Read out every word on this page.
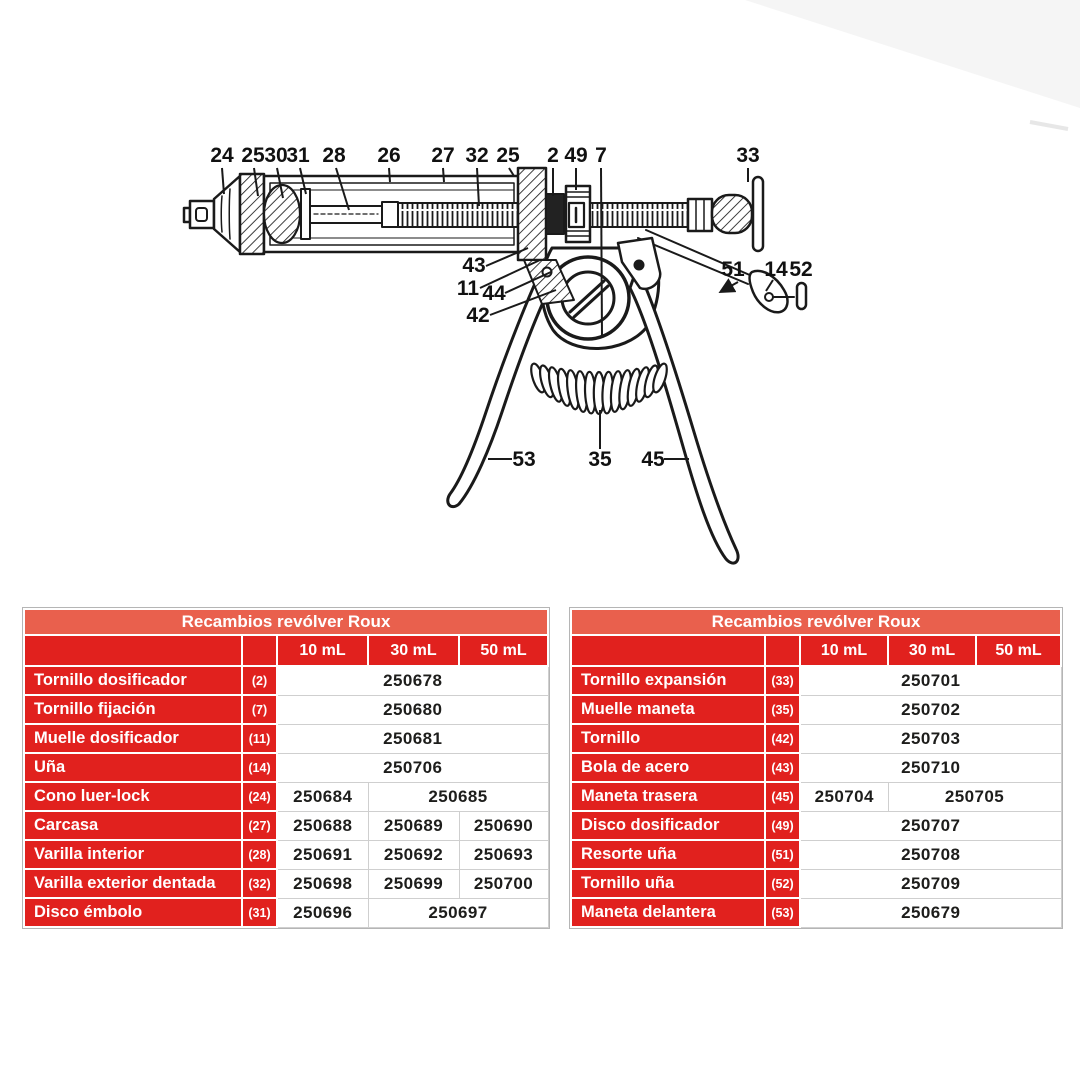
24 25 30
31 28 26 27 32 25 2 49 7	33
43
11 44
42
51 14 52
53	35 45
Recambios revólver Roux				
		10 mL	30 mL	50 mL
Tornillo dosificador	(2)	250678		
Tornillo fijación	(7)	250680		
Muelle dosificador	(11)	250681		
Uña	(14)	250706		
Cono luer-lock	(24)	250684	250685	
Carcasa	(27)	250688	250689	250690
Varilla interior	(28)	250691	250692	250693
Varilla exterior dentada	(32)	250698	250699	250700
Disco émbolo	(31)	250696	250697	
Recambios revólver Roux				
		10 mL	30 mL	50 mL
Tornillo expansión	(33)	250701		
Muelle maneta	(35)	250702		
Tornillo	(42)	250703		
Bola de acero	(43)	250710		
Maneta trasera	(45)	250704	250705	
Disco dosificador	(49)	250707		
Resorte uña	(51)	250708		
Tornillo uña	(52)	250709		
Maneta delantera	(53)	250679		
